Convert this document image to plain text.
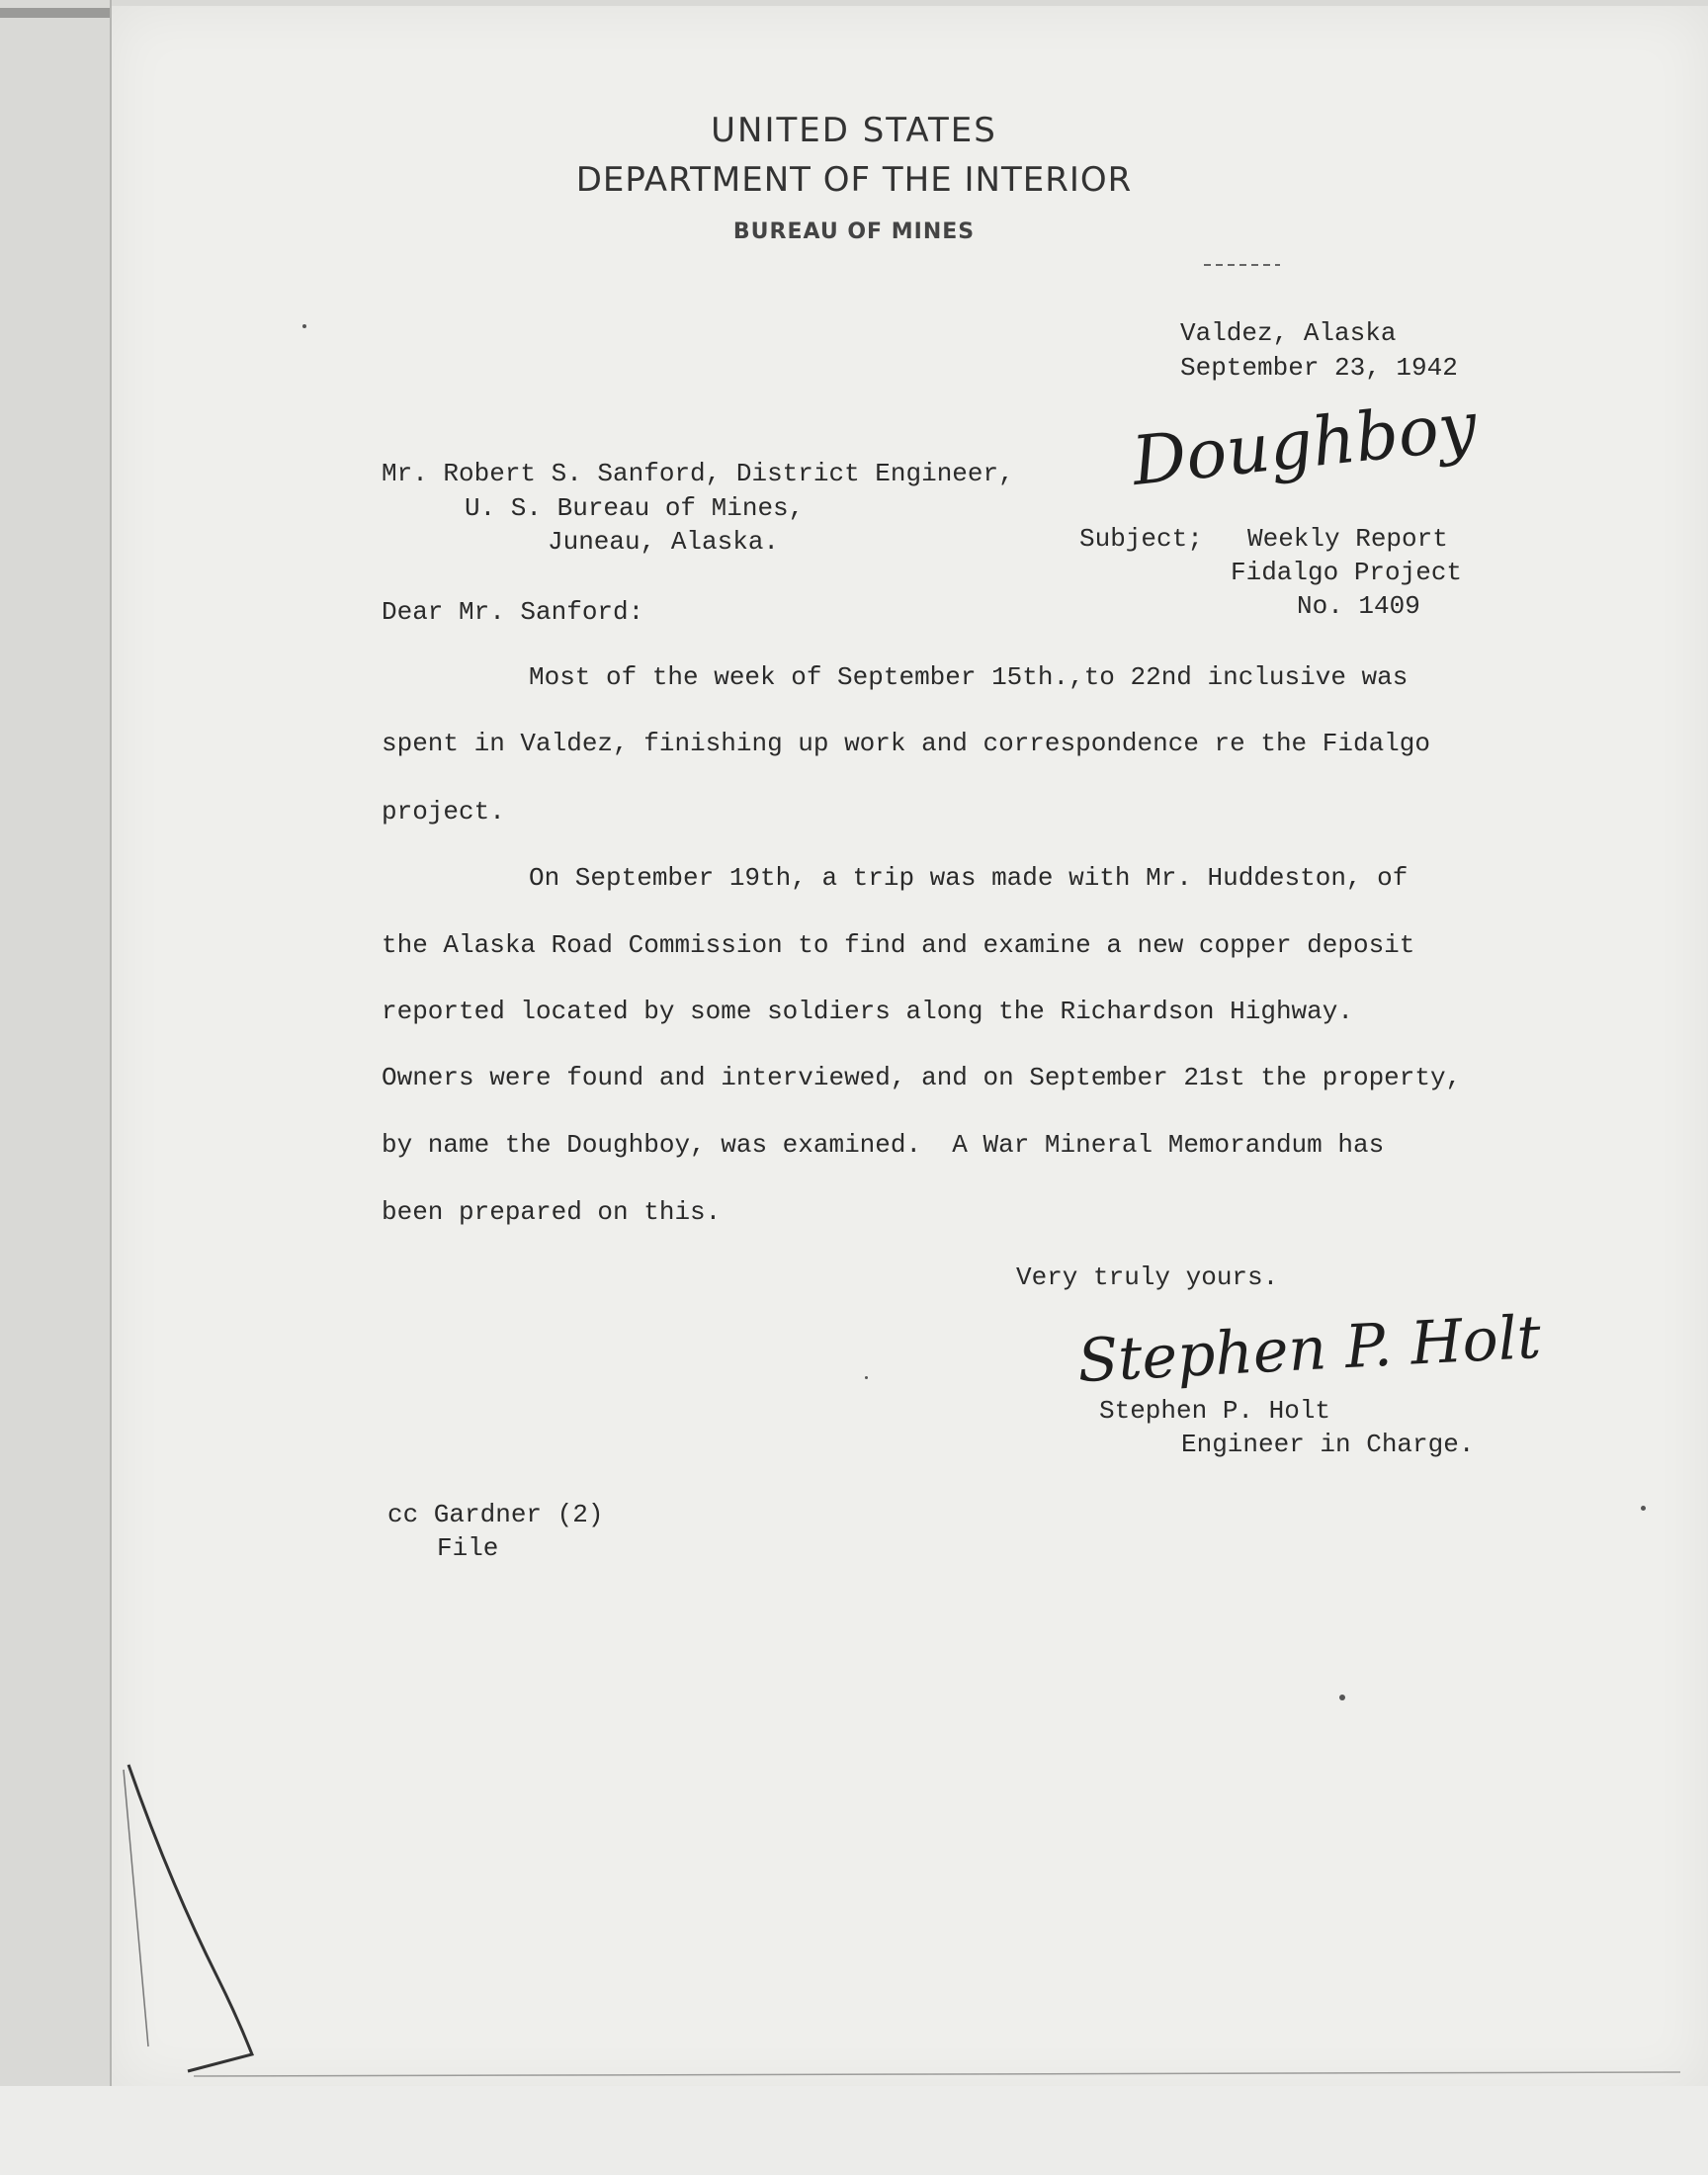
UNITED STATES
DEPARTMENT OF THE INTERIOR
BUREAU OF MINES
Valdez, Alaska
September 23, 1942
Doughboy
Mr. Robert S. Sanford, District Engineer,
U. S. Bureau of Mines,
Juneau, Alaska.	Subject; Weekly Report
Fidalgo Project
No. 1409
Dear Mr. Sanford:
Most of the week of September 15th.,to 22nd inclusive was
spent in Valdez, finishing up work and correspondence re the Fidalgo
project.
On September 19th, a trip was made with Mr. Huddeston, of
the Alaska Road Commission to find and examine a new copper deposit
reported located by some soldiers along the Richardson Highway.
Owners were found and interviewed, and on September 21st the property,
by name the Doughboy, was examined.  A War Mineral Memorandum has
been prepared on this.
Very truly yours.
Stephen P. Holt
Stephen P. Holt
Engineer in Charge.
cc Gardner (2)
File
